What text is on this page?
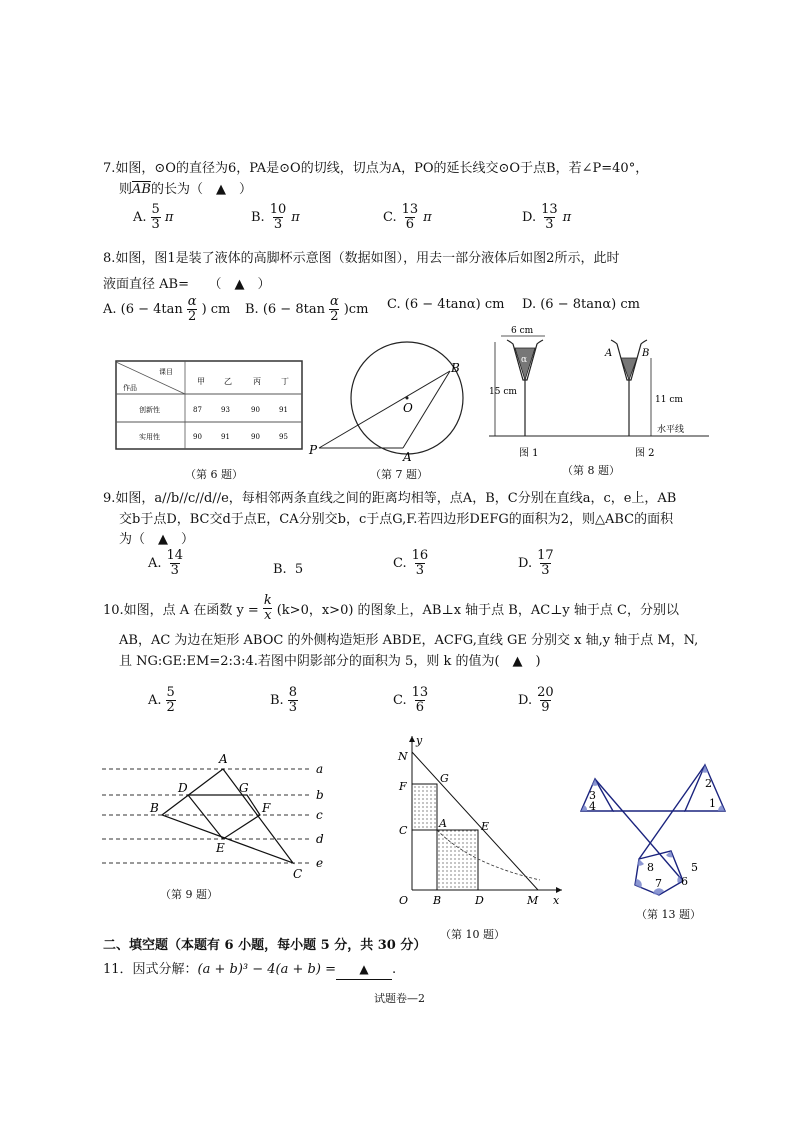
7.如图，⊙O的直径为6，PA是⊙O的切线，切点为A，PO的延长线交⊙O于点B，若∠P=40°，
则$\overline{AB}$的长为（　▲　）
A. $\frac{5}{3}$ π	B. $\frac{10}{3}$ π	C. $\frac{13}{6}$ π	D. $\frac{13}{3}$ π
8.如图，图1是装了液体的高脚杯示意图（数据如图），用去一部分液体后如图2所示，此时
液面直径 AB=　　（　▲　）
A. ($6 - 4\tan \frac{\alpha}{2}$ ) cm B. $(6 - 8\tan \frac{\alpha}{2} )cm$ C. (6 − 4tanα) cm D. (6 − 8tanα) cm
课目
作品
甲 乙	丙	丁
创新性	87	93	90	91
实用性	90	91	90	95
（第 6 题）
B
O
P	A
（第 7 题）
6 cm
α
15 cm
图 1
A	B
11 cm
水平线
图 2
（第 8 题）
9.如图，a//b//c//d//e，每相邻两条直线之间的距离均相等，点A，B，C分别在直线a，c，e上，AB
交b于点D，BC交d于点E，CA分别交b，c于点G,F.若四边形DEFG的面积为2，则△ABC的面积
为（　▲　）
A. $\frac{14}{3}$	B.
5	C. $\frac{16}{3}$	D. $\frac{17}{3}$
10.如图，点 A 在函数 $y = \frac{k}{x} (k>0$，x>0) 的图象上，AB⊥x 轴于点 B，AC⊥y 轴于点 C，分别以
AB，AC 为边在矩形 ABOC 的外侧构造矩形 ABDE，ACFG,直线 GE 分别交 x 轴,y 轴于点 M，N,
且 NG:GE:EM=2:3:4.若图中阴影部分的面积为 5，则 k 的值为(　▲　)
A. $\frac{5}{2}$	B. $\frac{8}{3}$	C. $\frac{13}{6}$	D. $\frac{20}{9}$
a
b
c
d
e
A
D	G
B	F
E
C
（第 9 题）
y
N
F
G
C
A	E
O B	D	M x
（第 10 题）
3
4
2
1
5
6
7
8
（第 13 题）
二、填空题（本题有 6 小题，每小题 5 分，共 30 分）
11．因式分解：(a + b)³ − 4(a + b) = ▲ .
试题卷—2
